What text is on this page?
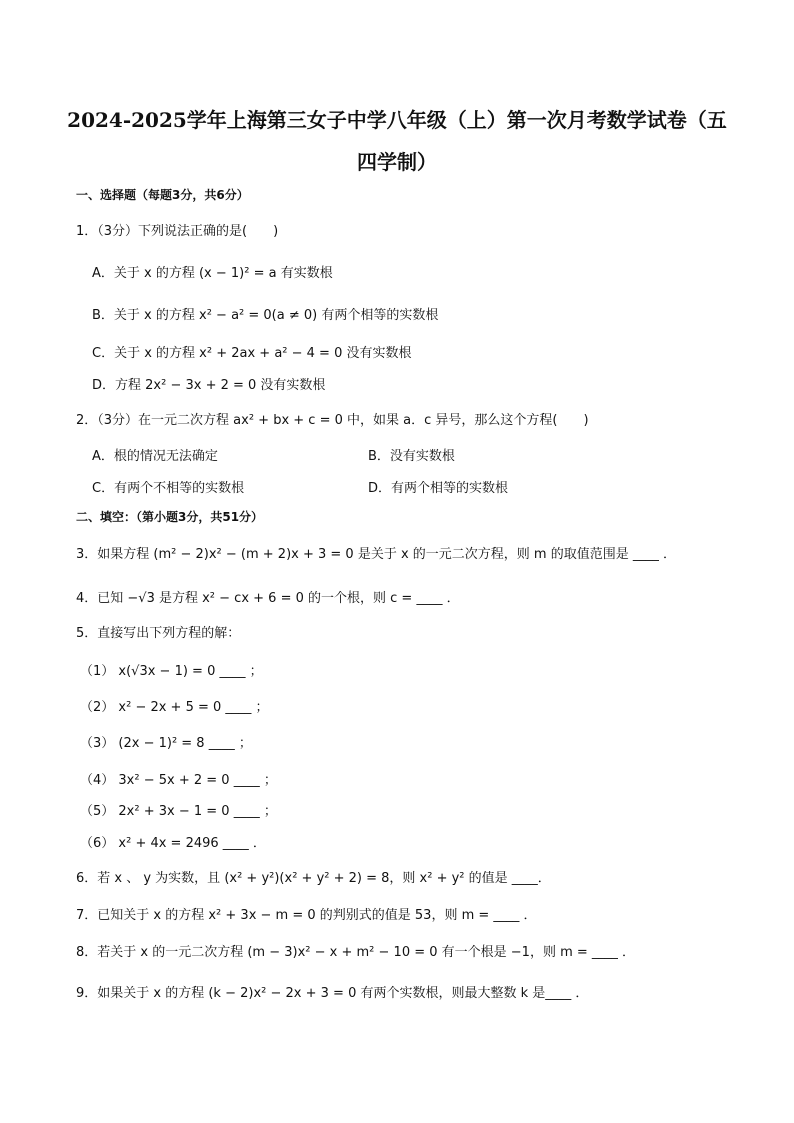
2024-2025学年上海第三女子中学八年级（上）第一次月考数学试卷（五
四学制）
一、选择题（每题3分，共6分）
1．（3分）下列说法正确的是(　　)
A．关于 x 的方程 (x − 1)² = a 有实数根
B．关于 x 的方程 x² − a² = 0(a ≠ 0) 有两个相等的实数根
C．关于 x 的方程 x² + 2ax + a² − 4 = 0 没有实数根
D．方程 2x² − 3x + 2 = 0 没有实数根
2．（3分）在一元二次方程 ax² + bx + c = 0 中，如果 a．c 异号，那么这个方程(　　)
A．根的情况无法确定	B．没有实数根
C．有两个不相等的实数根	D．有两个相等的实数根
二、填空：（第小题3分，共51分）
3．如果方程 (m² − 2)x² − (m + 2)x + 3 = 0 是关于 x 的一元二次方程，则 m 的取值范围是 ____ ．
4．已知 −√3 是方程 x² − cx + 6 = 0 的一个根，则 c = ____ ．
5．直接写出下列方程的解：
（1） x(√3x − 1) = 0 ____ ；
（2） x² − 2x + 5 = 0 ____ ；
（3） (2x − 1)² = 8 ____ ；
（4） 3x² − 5x + 2 = 0 ____ ；
（5） 2x² + 3x − 1 = 0 ____ ；
（6） x² + 4x = 2496 ____ ．
6．若 x 、 y 为实数，且 (x² + y²)(x² + y² + 2) = 8，则 x² + y² 的值是 ____．
7．已知关于 x 的方程 x² + 3x − m = 0 的判别式的值是 53，则 m = ____ ．
8．若关于 x 的一元二次方程 (m − 3)x² − x + m² − 10 = 0 有一个根是 −1，则 m = ____ ．
9．如果关于 x 的方程 (k − 2)x² − 2x + 3 = 0 有两个实数根，则最大整数 k 是____ ．
